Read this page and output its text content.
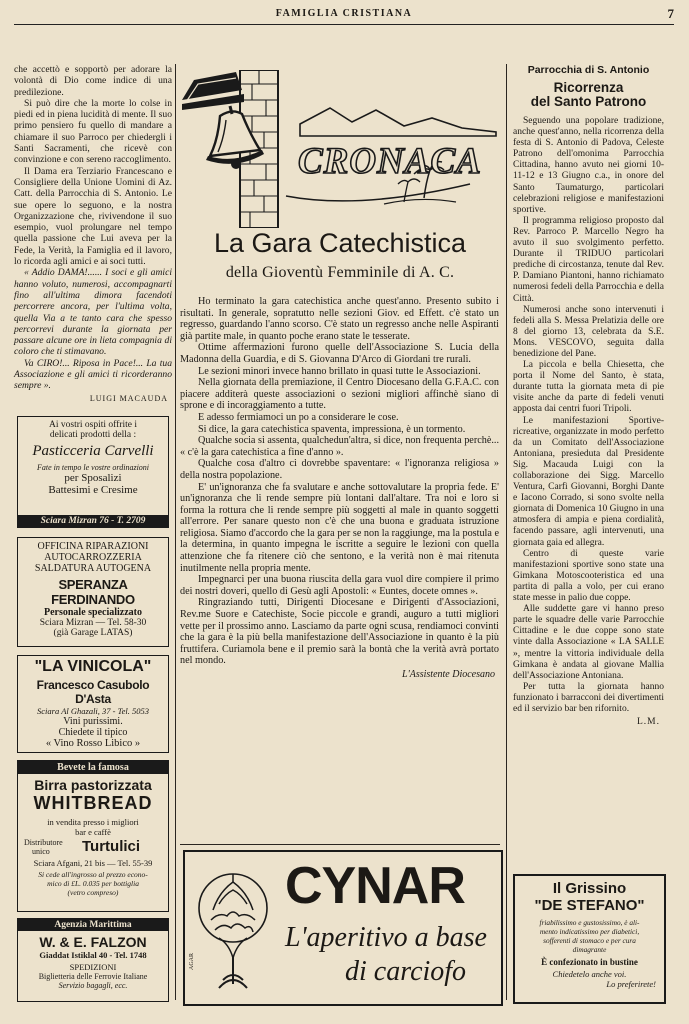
FAMIGLIA CRISTIANA	7

che accettò e sopportò per adorare la volontà di Dio come indice di una predilezione.

Si può dire che la morte lo colse in piedi ed in piena lucidità di mente. Il suo primo pensiero fu quello di mandare a chiamare il suo Parroco per chiedergli i Santi Sacramenti, che ricevè con convinzione e con sereno raccoglimento.

Il Dama era Terziario Francescano e Consigliere della Unione Uomini di Az. Catt. della Parrocchia di S. Antonio. Le sue opere lo seguono, e la nostra Organizzazione che, rivivendone il suo esempio, vuol prolungare nel tempo quella passione che Lui aveva per la Fede, la Verità, la Famiglia ed il lavoro, lo ricorda agli amici e ai soci tutti.

« Addio DAMA!...... I soci e gli amici hanno voluto, numerosi, accompagnarti fino all'ultima dimora facendoti percorrere ancora, per l'ultima volta, quella Via a te tanto cara che spesso percorrevi durante la giornata per passare alcune ore in lieta compagnia di coloro che ti stimavano.

Va CIRO!... Riposa in Pace!... La tua Associazione e gli amici ti ricorderanno sempre ».

LUIGI MACAUDA

Ai vostri ospiti offrite i
delicati prodotti della :
Pasticceria Carvelli
Fate in tempo le vostre ordinazioni
per Sposalizi
Battesimi e Cresime
Sciara Mizran 76 - T. 2709
OFFICINA RIPARAZIONI
AUTOCARROZZERIA
SALDATURA AUTOGENA
SPERANZA FERDINANDO
Personale specializzato
Sciara Mizran — Tel. 58-30
(già Garage LATAS)
"LA VINICOLA"
Francesco Casubolo D'Asta
Sciara Al Ghazali, 37 - Tel. 5053
Vini purissimi.
Chiedete il tipico
« Vino Rosso Libico »
Bevete la famosa
Birra pastorizzata
WHITBREAD
in vendita presso i migliori
bar e caffè
Distributore
unico Turtulici
Sciara Afgani, 21 bis — Tel. 55-39
Si cede all'ingrosso al prezzo econo-
mico di £L. 0.035 per bottiglia
(vetro compreso)
Agenzia Marittima
W. & E. FALZON
Giaddat Istiklal 40 - Tel. 1748
SPEDIZIONI
Biglietteria delle Ferrovie Italiane
Servizio bagagli, ecc.
CRONACA
La Gara Catechistica
della Gioventù Femminile di A. C.

Ho terminato la gara catechistica anche quest'anno. Presento subito i risultati. In generale, sopratutto nelle sezioni Giov. ed Effett. c'è stato un regresso, guardando l'anno scorso. C'è stato un regresso anche nelle Aspiranti già partite male, in quanto poche erano state le tesserate.

Ottime affermazioni furono quelle dell'Associazione S. Lucia della Madonna della Guardia, e di S. Giovanna D'Arco di Giordani tre rurali.

Le sezioni minori invece hanno brillato in quasi tutte le Associazioni.

Nella giornata della premiazione, il Centro Diocesano della G.F.A.C. con piacere additerà queste associazioni o sezioni migliori affinchè siano di sprone e di incoraggiamento a tutte.

E adesso fermiamoci un po a considerare le cose.

Si dice, la gara catechistica spaventa, impressiona, è un tormento.

Qualche socia si assenta, qualchedun'altra, si dice, non frequenta perchè... « c'è la gara catechistica a fine d'anno ».

Qualche cosa d'altro ci dovrebbe spaventare: « l'ignoranza religiosa » della nostra popolazione.

E' un'ignoranza che fa svalutare e anche sottovalutare la propria fede. E' un'ignoranza che li rende sempre più lontani dall'altare. Tra noi e loro si forma la rottura che li rende sempre più soggetti al male in quanto soggetti all'errore. Per sanare questo non c'è che una buona e graduata istruzione religiosa. Siamo d'accordo che la gara per se non la raggiunge, ma la postula e la determina, in quanto impegna le iscritte a seguire le lezioni con quella attenzione che fa ritenere ciò che sentono, e la verità non è mai ritenuta inutilmente nella propria mente.

Impegnarci per una buona riuscita della gara vuol dire compiere il primo dei nostri doveri, quello di Gesù agli Apostoli: « Euntes, docete omnes ».

Ringraziando tutti, Dirigenti Diocesane e Dirigenti d'Associazioni, Rev.me Suore e Catechiste, Socie piccole e grandi, auguro a tutti migliori vette per il prossimo anno. Lasciamo da parte ogni scusa, rendiamoci convinti che la gara è la più bella manifestazione dell'Associazione in quanto è la più fruttifera. Curiamola bene e il premio sarà la bontà che la verità avrà portato nel mondo.

L'Assistente Diocesano

AGAR
CYNAR
L'aperitivo a base
di carciofo
Parrocchia di S. Antonio
Ricorrenza
del Santo Patrono

Seguendo una popolare tradizione, anche quest'anno, nella ricorrenza della festa di S. Antonio di Padova, Celeste Patrono dell'omonima Parrocchia Cittadina, hanno avuto nei giorni 10-11-12 e 13 Giugno c.a., in onore del Santo Taumaturgo, particolari celebrazioni religiose e manifestazioni sportive.

Il programma religioso proposto dal Rev. Parroco P. Marcello Negro ha avuto il suo svolgimento perfetto. Durante il TRIDUO particolari prediche di circostanza, tenute dal Rev. P. Damiano Piantoni, hanno richiamato numerosi fedeli della Parrocchia e della Città.

Numerosi anche sono intervenuti i fedeli alla S. Messa Prelatizia delle ore 8 del giorno 13, celebrata da S.E. Mons. VESCOVO, seguita dalla benedizione del Pane.

La piccola e bella Chiesetta, che porta il Nome del Santo, è stata, durante tutta la giornata meta di pie visite anche da parte di fedeli venuti apposta dai centri fuori Tripoli.

Le manifestazioni Sportive-ricreative, organizzate in modo perfetto da un Comitato dell'Associazione Antoniana, presieduta dal Presidente Sig. Macauda Luigi con la collaborazione dei Sigg. Marcello Ventura, Carfì Giovanni, Borghi Dante e Iacono Corrado, si sono svolte nella giornata di Domenica 10 Giugno in una atmosfera di ampia e piena cordialità, facendo passare, agli intervenuti, una giornata gaia ed allegra.

Centro di queste varie manifestazioni sportive sono state una Gimkana Motoscooteristica ed una partita di palla a volo, per cui erano state messe in palio due coppe.

Alle suddette gare vi hanno preso parte le squadre delle varie Parrocchie Cittadine e le due coppe sono state vinte dalla Associazione « LA SALLE », mentre la vittoria individuale della Gimkana è andata al giovane Mallia dell'Associazione Antoniana.

Per tutta la giornata hanno funzionato i barracconi dei divertimenti ed il servizio bar ben rifornito.

L.M.

Il Grissino
"DE STEFANO"
friabilissimo e gustosissimo, è ali-
mento indicatissimo per diabetici,
sofferenti di stomaco e per cura
dimagrante
È confezionato in bustine
Chiedetelo anche voi.
Lo preferirete!
